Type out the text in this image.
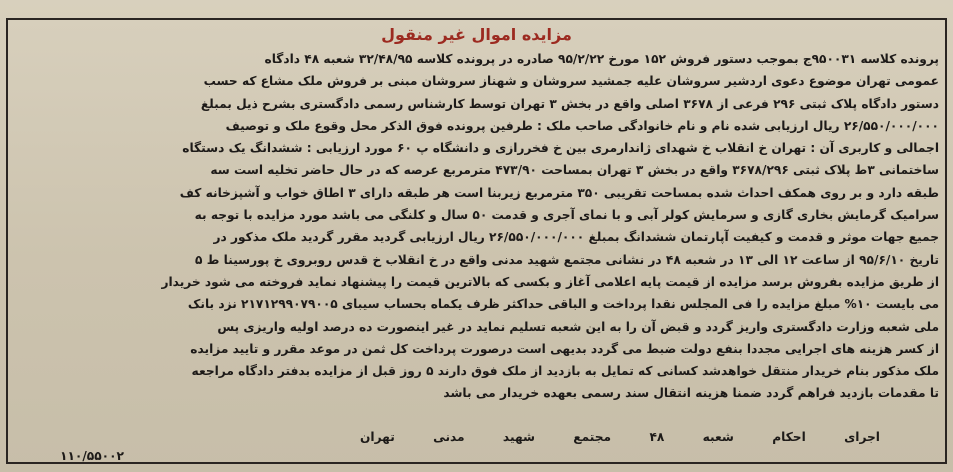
مزایده اموال غیر منقول

پرونده کلاسه ۹۵۰۰۳۱ج بموجب دستور فروش ۱۵۲ مورخ ۹۵/۲/۲۲ صادره در پرونده کلاسه ۳۲/۴۸/۹۵ شعبه ۴۸ دادگاه

عمومی تهران موضوع دعوی اردشیر سروشان علیه جمشید سروشان و شهناز سروشان مبنی بر فروش ملک مشاع که حسب

دستور دادگاه پلاک ثبتی ۲۹۶ فرعی از ۳۶۷۸ اصلی واقع در بخش ۳ تهران توسط کارشناس رسمی دادگستری بشرح ذیل بمبلغ

۲۶/۵۵۰/۰۰۰/۰۰۰ ریال ارزیابی شده نام و نام خانوادگی صاحب ملک : طرفین پرونده فوق الذکر محل وقوع ملک و توصیف

اجمالی و کاربری آن : تهران خ انقلاب خ شهدای ژاندارمری بین خ فخررازی و دانشگاه پ ۶۰ مورد ارزیابی : ششدانگ یک دستگاه

ساختمانی ۳ط پلاک ثبتی ۳۶۷۸/۲۹۶ واقع در بخش ۳ تهران بمساحت ۴۷۳/۹۰ مترمربع عرصه که در حال حاضر تخلیه است سه

طبقه دارد و بر روی همکف احداث شده بمساحت تقریبی ۳۵۰ مترمربع زیربنا است هر طبقه دارای ۳ اطاق خواب و آشپزخانه کف

سرامیک گرمایش بخاری گازی و سرمایش کولر آبی و با نمای آجری و قدمت ۵۰ سال و کلنگی می باشد مورد مزایده با توجه به

جمیع جهات موثر و قدمت و کیفیت آپارتمان ششدانگ بمبلغ ۲۶/۵۵۰/۰۰۰/۰۰۰ ریال ارزیابی گردید مقرر گردید ملک مذکور در

تاریخ ۹۵/۶/۱۰ از ساعت ۱۲ الی ۱۳ در شعبه ۴۸ در نشانی مجتمع شهید مدنی واقع در خ انقلاب خ قدس روبروی خ پورسینا ط ۵

از طریق مزایده بفروش برسد مزایده از قیمت پایه اعلامی آغاز و بکسی که بالاترین قیمت را پیشنهاد نماید فروخته می شود خریدار

می بایست ۱۰% مبلغ مزایده را فی المجلس نقدا پرداخت و الباقی حداکثر ظرف یکماه بحساب سیبای ۲۱۷۱۲۹۹۰۷۹۰۰۵ نزد بانک

ملی شعبه وزارت دادگستری واریز گردد و قبض آن را به این شعبه تسلیم نماید در غیر اینصورت ده درصد اولیه واریزی پس

از کسر هزینه های اجرایی مجددا بنفع دولت ضبط می گردد بدیهی است درصورت پرداخت کل ثمن در موعد مقرر و تایید مزایده

ملک مذکور بنام خریدار منتقل خواهدشد کسانی که تمایل به بازدید از ملک فوق دارند ۵ روز قبل از مزایده بدفتر دادگاه مراجعه

تا مقدمات بازدید فراهم گردد ضمنا هزینه انتقال سند رسمی بعهده خریدار می باشد

اجرای احکام شعبه ۴۸ مجتمع شهید مدنی تهران
۱۱۰/۵۵۰۰۲
